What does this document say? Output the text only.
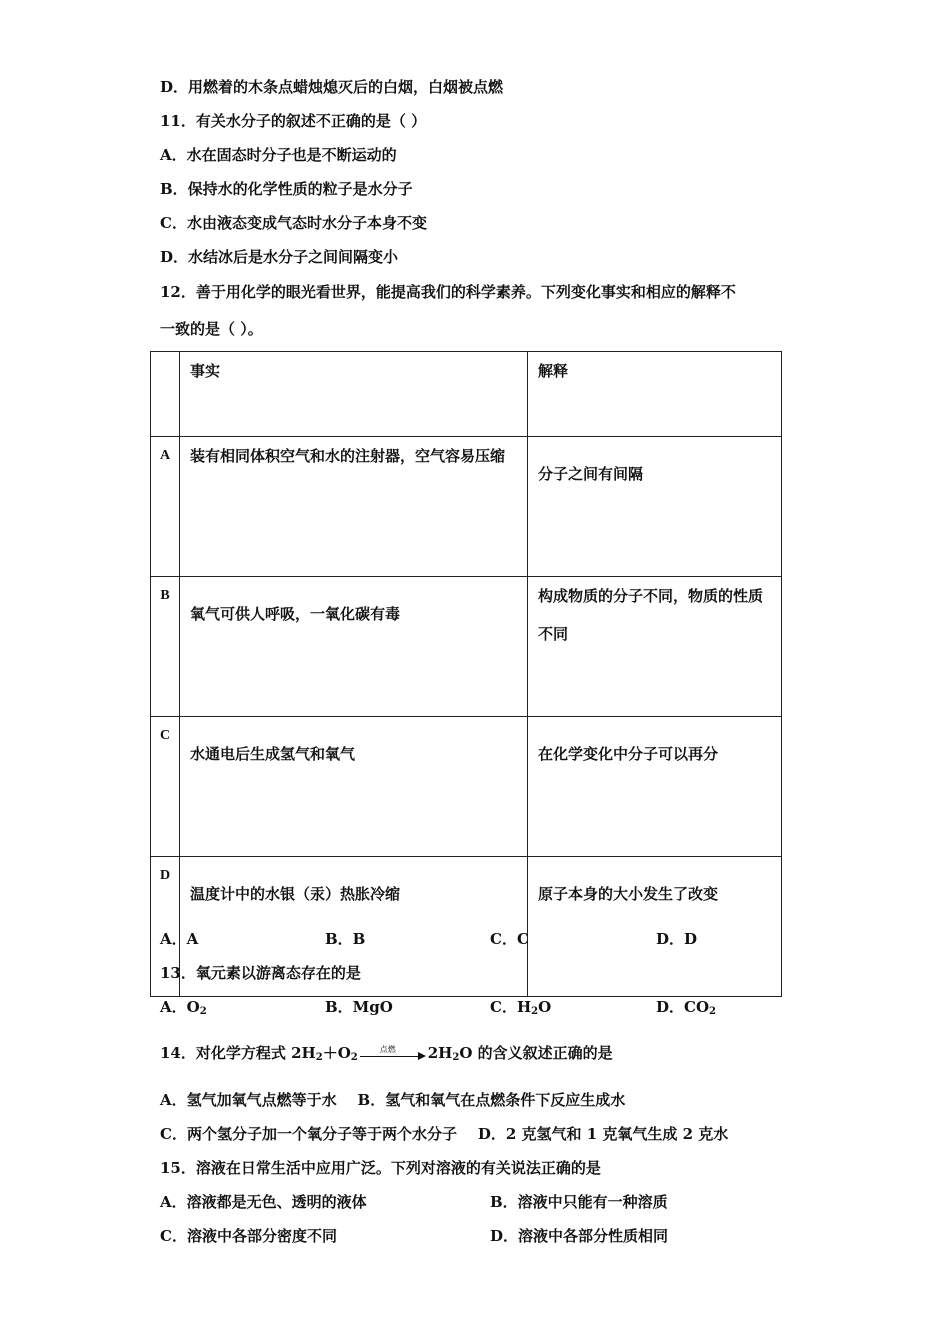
D．用燃着的木条点蜡烛熄灭后的白烟，白烟被点燃
11．有关水分子的叙述不正确的是（ ）
A．水在固态时分子也是不断运动的
B．保持水的化学性质的粒子是水分子
C．水由液态变成气态时水分子本身不变
D．水结冰后是水分子之间间隔变小
12．善于用化学的眼光看世界，能提高我们的科学素养。下列变化事实和相应的解释不
一致的是（ ）。
	事实	解释
A	装有相同体积空气和水的注射器，空气容易压缩	分子之间有间隔
B	氧气可供人呼吸，一氧化碳有毒	构成物质的分子不同，物质的性质不同
C	水通电后生成氢气和氧气	在化学变化中分子可以再分
D	温度计中的水银（汞）热胀冷缩	原子本身的大小发生了改变
A．A	B．B	C．C	D．D
13．氧元素以游离态存在的是
A．$O_2$	B．MgO	C．$H_2O$	D．$CO_2$
14．对化学方程式 $2H_2+O_2$
点燃 $2H_2O$ 的含义叙述正确的是
A．氢气加氧气点燃等于水    B．氢气和氧气在点燃条件下反应生成水
C．两个氢分子加一个氧分子等于两个水分子    D．2 克氢气和 1 克氧气生成 2 克水
15．溶液在日常生活中应用广泛。下列对溶液的有关说法正确的是
A．溶液都是无色、透明的液体	B．溶液中只能有一种溶质
C．溶液中各部分密度不同	D．溶液中各部分性质相同
